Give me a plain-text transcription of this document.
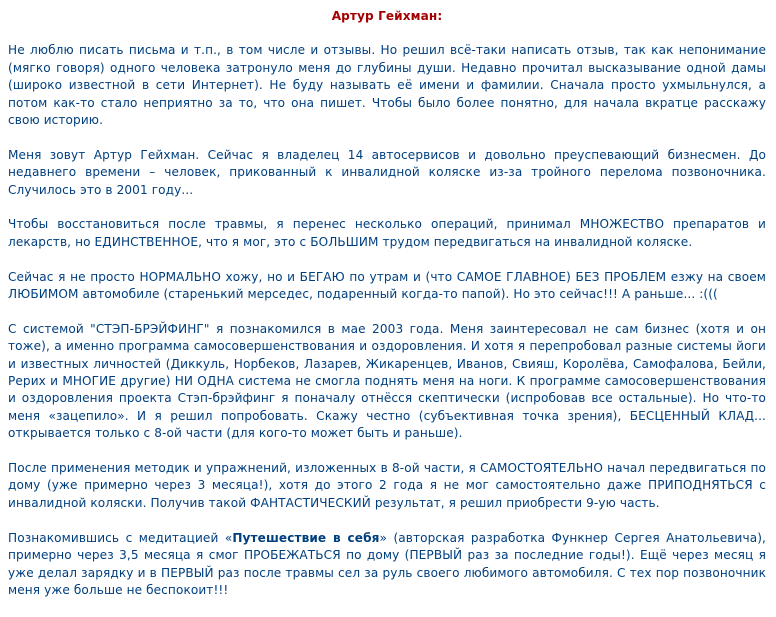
Артур Гейхман:

Не люблю писать письма и т.п., в том числе и отзывы. Но решил всё-таки написать отзыв, так как непонимание (мягко говоря) одного человека затронуло меня до глубины души. Недавно прочитал высказывание одной дамы (широко известной в сети Интернет). Не буду называть её имени и фамилии. Сначала просто ухмыльнулся, а потом как-то стало неприятно за то, что она пишет. Чтобы было более понятно, для начала вкратце расскажу свою историю.

Меня зовут Артур Гейхман. Сейчас я владелец 14 автосервисов и довольно преуспевающий бизнесмен. До недавнего времени – человек, прикованный к инвалидной коляске из-за тройного перелома позвоночника. Случилось это в 2001 году...

Чтобы восстановиться после травмы, я перенес несколько операций, принимал МНОЖЕСТВО препаратов и лекарств, но ЕДИНСТВЕННОЕ, что я мог, это с БОЛЬШИМ трудом передвигаться на инвалидной коляске.

Сейчас я не просто НОРМАЛЬНО хожу, но и БЕГАЮ по утрам и (что САМОЕ ГЛАВНОЕ) БЕЗ ПРОБЛЕМ езжу на своем ЛЮБИМОМ автомобиле (старенький мерседес, подаренный когда-то папой). Но это сейчас!!! А раньше... :(((

С системой "СТЭП-БРЭЙФИНГ" я познакомился в мае 2003 года. Меня заинтересовал не сам бизнес (хотя и он тоже), а именно программа самосовершенствования и оздоровления. И хотя я перепробовал разные системы йоги и известных личностей (Диккуль, Норбеков, Лазарев, Жикаренцев, Иванов, Свияш, Королёва, Самофалова, Бейли, Рерих и МНОГИЕ другие) НИ ОДНА система не смогла поднять меня на ноги. К программе самосовершенствования и оздоровления проекта Стэп-брэйфинг я поначалу отнёсся скептически (испробовав все остальные). Но что-то меня «зацепило». И я решил попробовать. Скажу честно (субъективная точка зрения), БЕСЦЕННЫЙ КЛАД... открывается только с 8-ой части (для кого-то может быть и раньше).

После применения методик и упражнений, изложенных в 8-ой части, я САМОСТОЯТЕЛЬНО начал передвигаться по дому (уже примерно через 3 месяца!), хотя до этого 2 года я не мог самостоятельно даже ПРИПОДНЯТЬСЯ с инвалидной коляски. Получив такой ФАНТАСТИЧЕСКИЙ результат, я решил приобрести 9-ую часть.

Познакомившись с медитацией «Путешествие в себя» (авторская разработка Функнер Сергея Анатольевича), примерно через 3,5 месяца я смог ПРОБЕЖАТЬСЯ по дому (ПЕРВЫЙ раз за последние годы!). Ещё через месяц я уже делал зарядку и в ПЕРВЫЙ раз после травмы сел за руль своего любимого автомобиля. С тех пор позвоночник меня уже больше не беспокоит!!!
